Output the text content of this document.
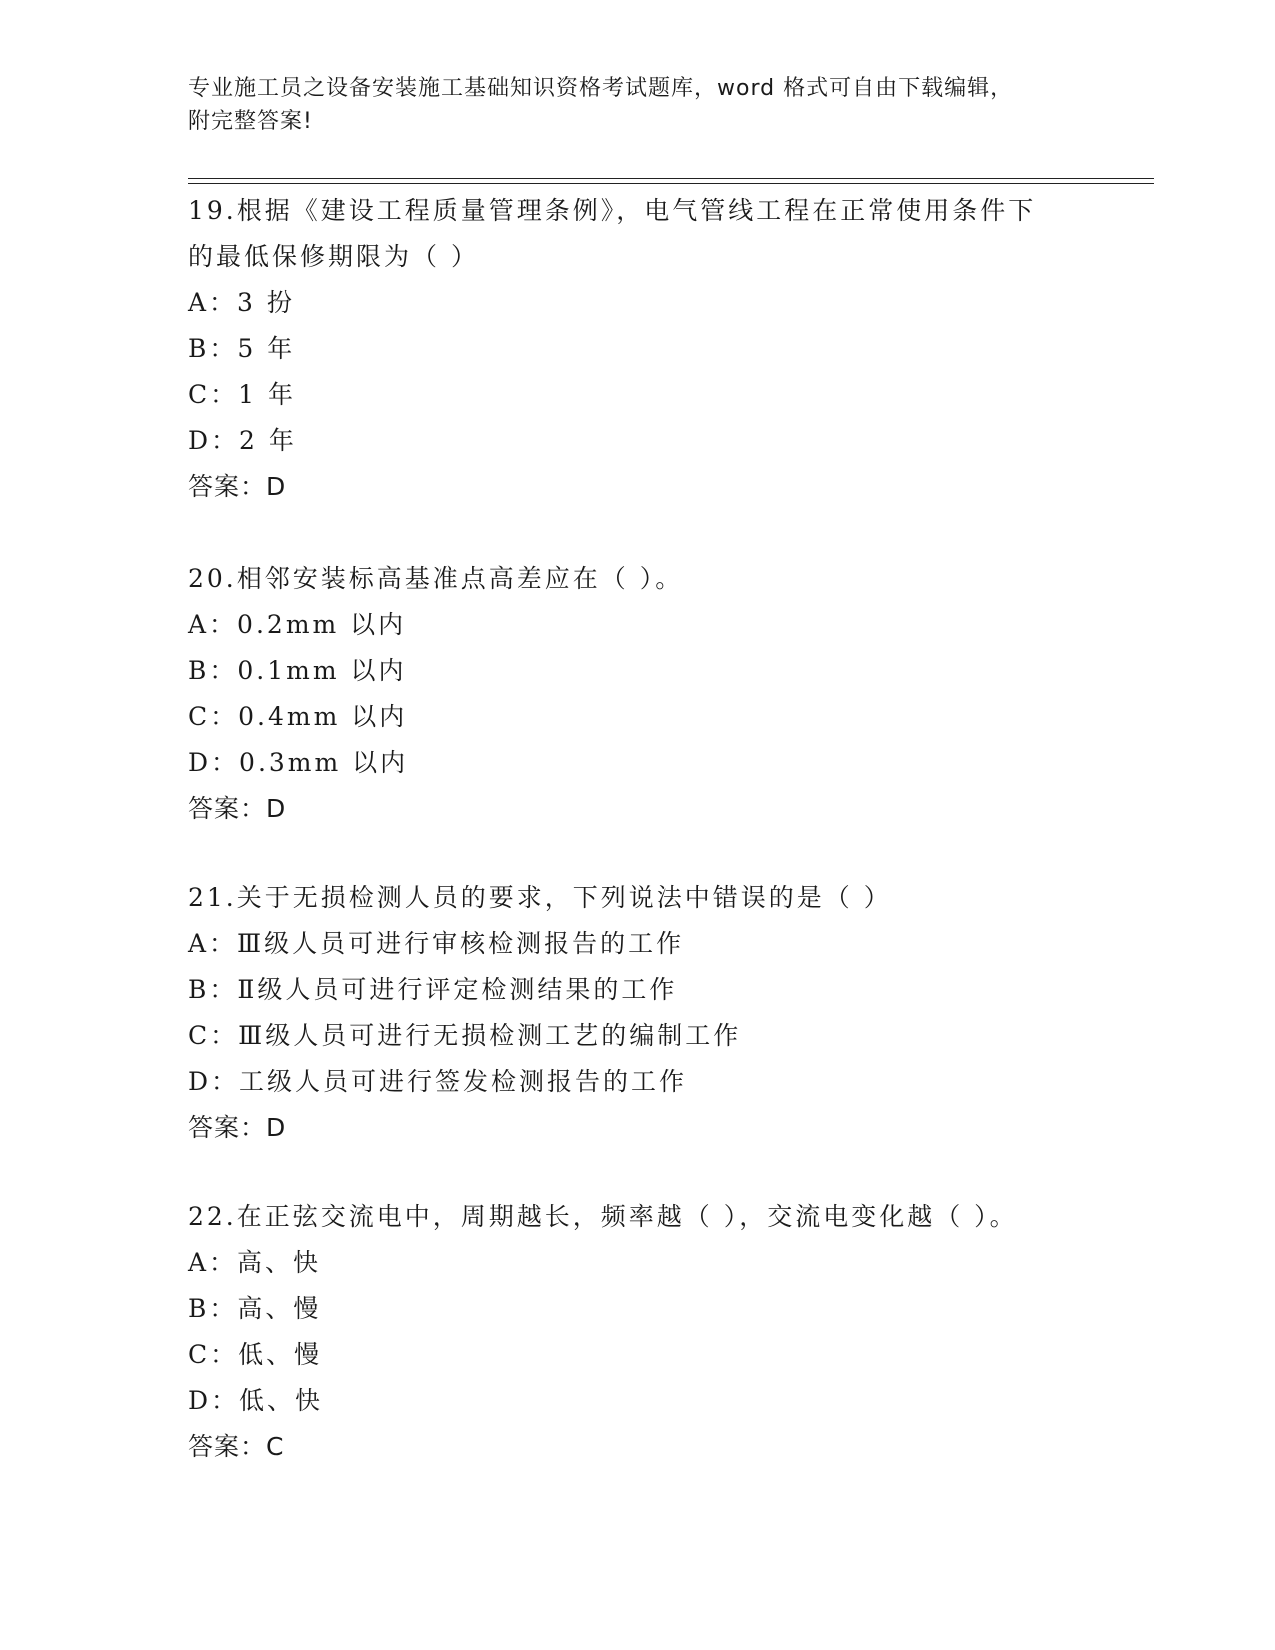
专业施工员之设备安装施工基础知识资格考试题库，word 格式可自由下载编辑，
附完整答案!
19.根据《建设工程质量管理条例》，电气管线工程在正常使用条件下
的最低保修期限为（ ）
A：3 扮
B：5 年
C：1 年
D：2 年
答案：D
20.相邻安装标高基准点高差应在（ ）。
A：0.2mm 以内
B：0.1mm 以内
C：0.4mm 以内
D：0.3mm 以内
答案：D
21.关于无损检测人员的要求，下列说法中错误的是（ ）
A：Ⅲ级人员可进行审核检测报告的工作
B：Ⅱ级人员可进行评定检测结果的工作
C：Ⅲ级人员可进行无损检测工艺的编制工作
D：工级人员可进行签发检测报告的工作
答案：D
22.在正弦交流电中，周期越长，频率越（ ），交流电变化越（ ）。
A：高、快
B：高、慢
C：低、慢
D：低、快
答案：C
